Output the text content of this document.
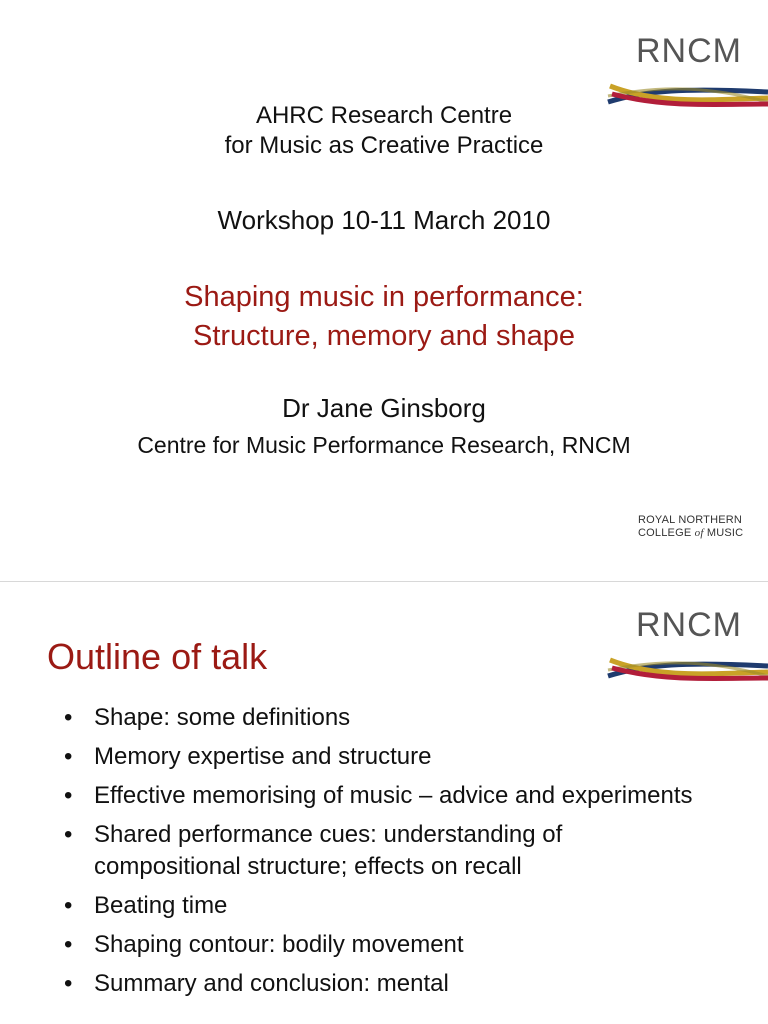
RNCM
AHRC Research Centre
for Music as Creative Practice
Workshop 10-11 March 2010
Shaping music in performance:
Structure, memory and shape
Dr Jane Ginsborg
Centre for Music Performance Research, RNCM
ROYAL NORTHERN
COLLEGE of MUSIC
RNCM
Outline of talk
• Shape: some definitions
• Memory expertise and structure
• Effective memorising of music – advice and experiments
• Shared performance cues: understanding of compositional structure; effects on recall
• Beating time
• Shaping contour: bodily movement
• Summary and conclusion: mental
